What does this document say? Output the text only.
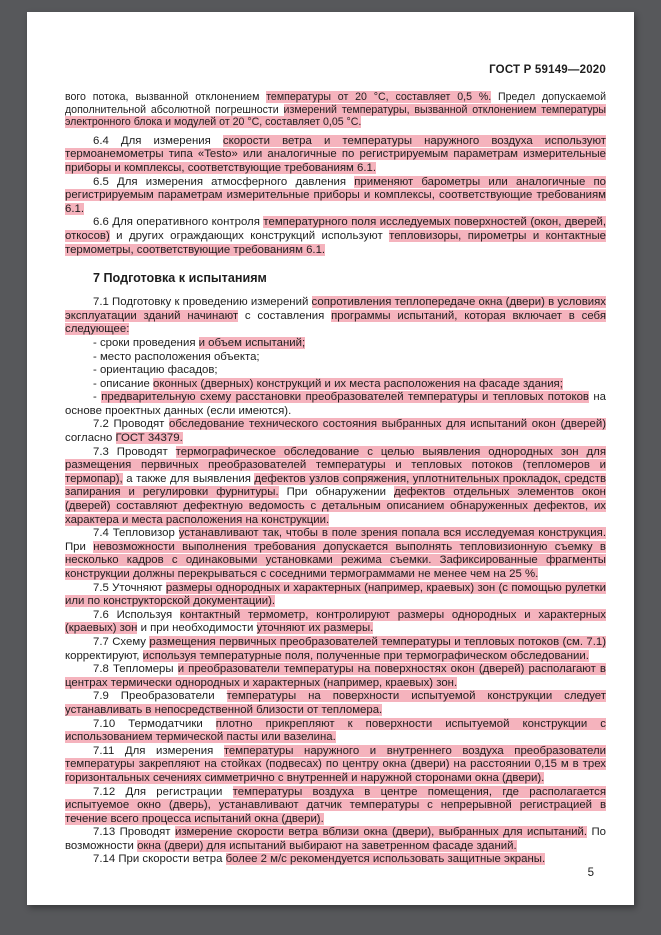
ГОСТ Р 59149—2020
вого потока, вызванной отклонением температуры от 20 °С, составляет 0,5 %. Предел допускаемой дополнительной абсолютной погрешности измерений температуры, вызванной отклонением температуры электронного блока и модулей от 20 °С, составляет 0,05 °С.
6.4 Для измерения скорости ветра и температуры наружного воздуха используют термоанемометры типа «Testo» или аналогичные по регистрируемым параметрам измерительные приборы и комплексы, соответствующие требованиям 6.1.
6.5 Для измерения атмосферного давления применяют барометры или аналогичные по регистрируемым параметрам измерительные приборы и комплексы, соответствующие требованиям 6.1.
6.6 Для оперативного контроля температурного поля исследуемых поверхностей (окон, дверей, откосов) и других ограждающих конструкций используют тепловизоры, пирометры и контактные термометры, соответствующие требованиям 6.1.
7 Подготовка к испытаниям
7.1 Подготовку к проведению измерений сопротивления теплопередаче окна (двери) в условиях эксплуатации зданий начинают с составления программы испытаний, которая включает в себя следующее:
- сроки проведения и объем испытаний;
- место расположения объекта;
- ориентацию фасадов;
- описание оконных (дверных) конструкций и их места расположения на фасаде здания;
- предварительную схему расстановки преобразователей температуры и тепловых потоков на основе проектных данных (если имеются).
7.2 Проводят обследование технического состояния выбранных для испытаний окон (дверей) согласно ГОСТ 34379.
7.3 Проводят термографическое обследование с целью выявления однородных зон для размещения первичных преобразователей температуры и тепловых потоков (тепломеров и термопар), а также для выявления дефектов узлов сопряжения, уплотнительных прокладок, средств запирания и регулировки фурнитуры. При обнаружении дефектов отдельных элементов окон (дверей) составляют дефектную ведомость с детальным описанием обнаруженных дефектов, их характера и места расположения на конструкции.
7.4 Тепловизор устанавливают так, чтобы в поле зрения попала вся исследуемая конструкция. При невозможности выполнения требования допускается выполнять тепловизионную съемку в несколько кадров с одинаковыми установками режима съемки. Зафиксированные фрагменты конструкции должны перекрываться с соседними термограммами не менее чем на 25 %.
7.5 Уточняют размеры однородных и характерных (например, краевых) зон (с помощью рулетки или по конструкторской документации).
7.6 Используя контактный термометр, контролируют размеры однородных и характерных (краевых) зон и при необходимости уточняют их размеры.
7.7 Схему размещения первичных преобразователей температуры и тепловых потоков (см. 7.1) корректируют, используя температурные поля, полученные при термографическом обследовании.
7.8 Тепломеры и преобразователи температуры на поверхностях окон (дверей) располагают в центрах термически однородных и характерных (например, краевых) зон.
7.9 Преобразователи температуры на поверхности испытуемой конструкции следует устанавливать в непосредственной близости от тепломера.
7.10 Термодатчики плотно прикрепляют к поверхности испытуемой конструкции с использованием термической пасты или вазелина.
7.11 Для измерения температуры наружного и внутреннего воздуха преобразователи температуры закрепляют на стойках (подвесах) по центру окна (двери) на расстоянии 0,15 м в трех горизонтальных сечениях симметрично с внутренней и наружной сторонами окна (двери).
7.12 Для регистрации температуры воздуха в центре помещения, где располагается испытуемое окно (дверь), устанавливают датчик температуры с непрерывной регистрацией в течение всего процесса испытаний окна (двери).
7.13 Проводят измерение скорости ветра вблизи окна (двери), выбранных для испытаний. По возможности окна (двери) для испытаний выбирают на заветренном фасаде зданий.
7.14 При скорости ветра более 2 м/с рекомендуется использовать защитные экраны.
5
